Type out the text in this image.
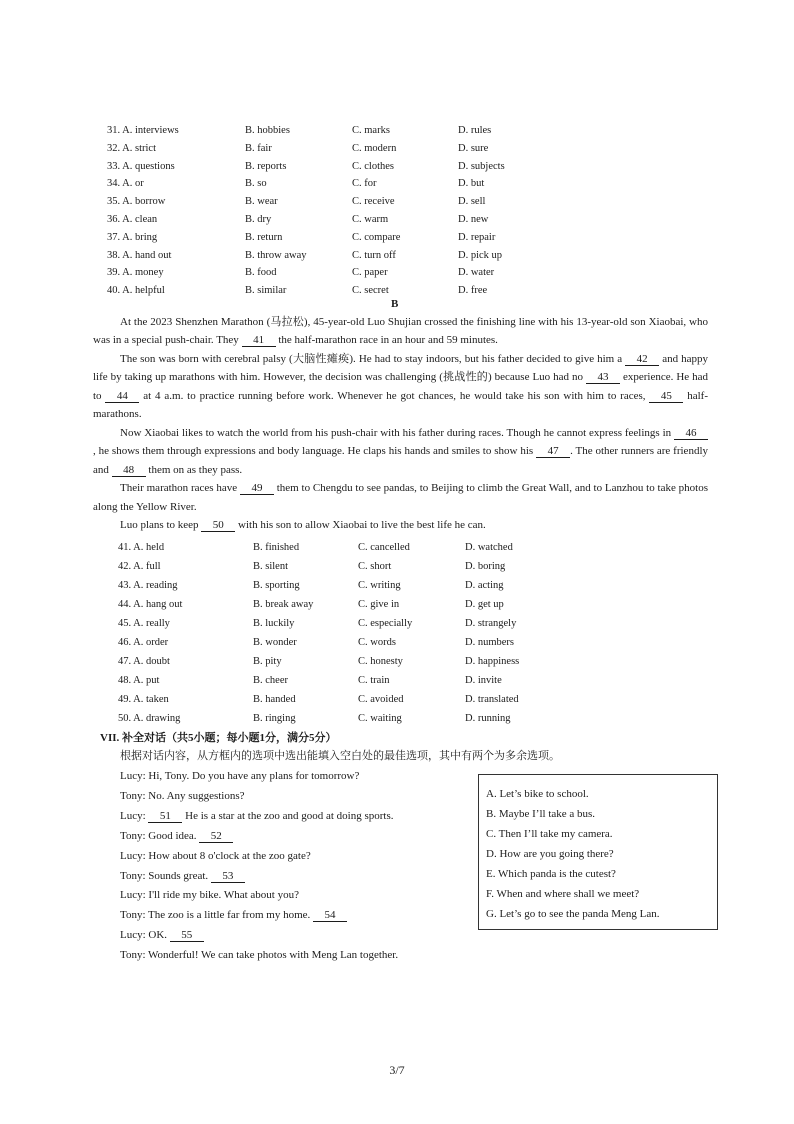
31. A. interviews	B. hobbies	C. marks	D. rules
32. A. strict	B. fair	C. modern	D. sure
33. A. questions	B. reports	C. clothes	D. subjects
34. A. or	B. so	C. for	D. but
35. A. borrow	B. wear	C. receive	D. sell
36. A. clean	B. dry	C. warm	D. new
37. A. bring	B. return	C. compare	D. repair
38. A. hand out	B. throw away	C. turn off	D. pick up
39. A. money	B. food	C. paper	D. water
40. A. helpful	B. similar	C. secret	D. free
B

At the 2023 Shenzhen Marathon (马拉松), 45-year-old Luo Shujian crossed the finishing line with his 13-year-old son Xiaobai, who was in a special push-chair. They 41 the half-marathon race in an hour and 59 minutes.

The son was born with cerebral palsy (大脑性瘫痪). He had to stay indoors, but his father decided to give him a 42 and happy life by taking up marathons with him. However, the decision was challenging (挑战性的) because Luo had no 43 experience. He had to 44 at 4 a.m. to practice running before work. Whenever he got chances, he would take his son with him to races, 45 half-marathons.

Now Xiaobai likes to watch the world from his push-chair with his father during races. Though he cannot express feelings in 46, he shows them through expressions and body language. He claps his hands and smiles to show his 47 . The other runners are friendly and 48 them on as they pass.

Their marathon races have 49 them to Chengdu to see pandas, to Beijing to climb the Great Wall, and to Lanzhou to take photos along the Yellow River.

Luo plans to keep 50 with his son to allow Xiaobai to live the best life he can.

41. A. held	B. finished	C. cancelled	D. watched
42. A. full	B. silent	C. short	D. boring
43. A. reading	B. sporting	C. writing	D. acting
44. A. hang out	B. break away	C. give in	D. get up
45. A. really	B. luckily	C. especially	D. strangely
46. A. order	B. wonder	C. words	D. numbers
47. A. doubt	B. pity	C. honesty	D. happiness
48. A. put	B. cheer	C. train	D. invite
49. A. taken	B. handed	C. avoided	D. translated
50. A. drawing	B. ringing	C. waiting	D. running
VII. 补全对话（共5小题；每小题1分，满分5分）
根据对话内容，从方框内的选项中选出能填入空白处的最佳选项，其中有两个为多余选项。
Lucy: Hi, Tony. Do you have any plans for tomorrow?
Tony: No. Any suggestions?
Lucy: 51 He is a star at the zoo and good at doing sports.
Tony: Good idea. 52
Lucy: How about 8 o'clock at the zoo gate?
Tony: Sounds great. 53
Lucy: I'll ride my bike. What about you?
Tony: The zoo is a little far from my home. 54
Lucy: OK. 55
Tony: Wonderful! We can take photos with Meng Lan together.
A. Let’s bike to school.
B. Maybe I’ll take a bus.
C. Then I’ll take my camera.
D. How are you going there?
E. Which panda is the cutest?
F. When and where shall we meet?
G. Let’s go to see the panda Meng Lan.
3/7
